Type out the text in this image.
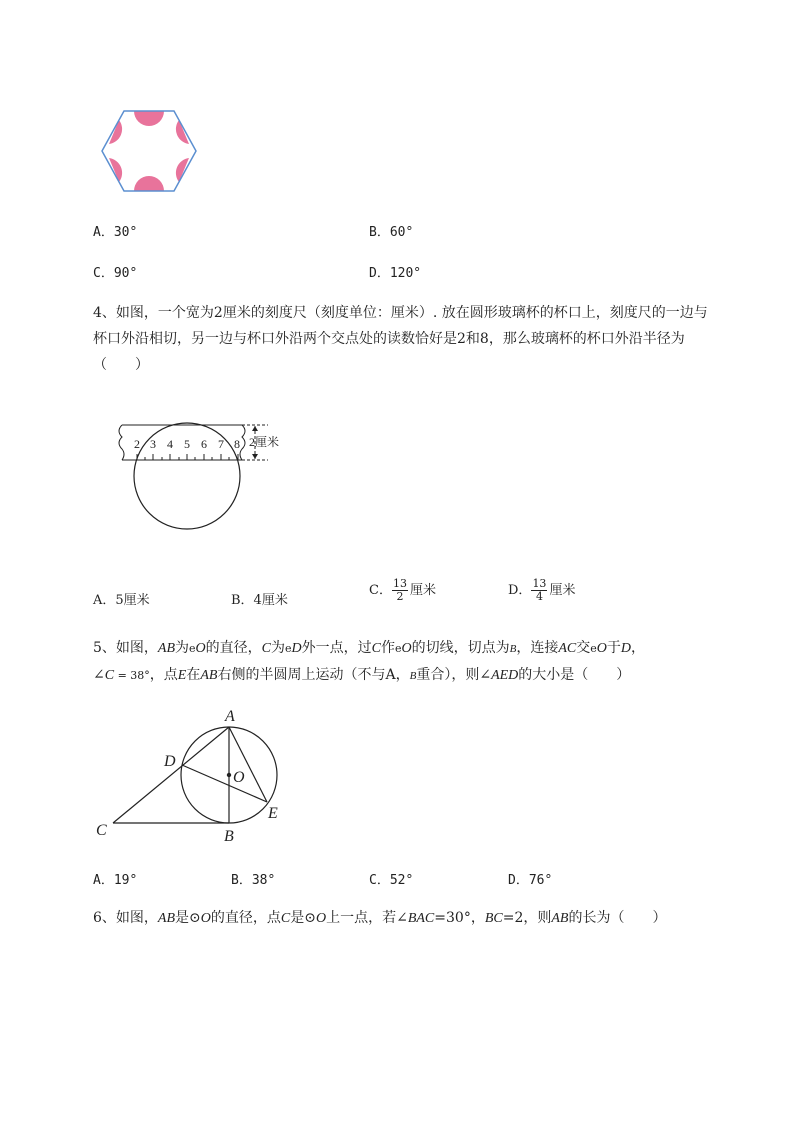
A．30°	B．60°
C．90°	D．120°
4、如图，一个宽为2厘米的刻度尺（刻度单位：厘米）. 放在圆形玻璃杯的杯口上，刻度尺的一边与
杯口外沿相切，另一边与杯口外沿两个交点处的读数恰好是2和8，那么玻璃杯的杯口外沿半径为
（　　）
2 3 4 5 6 7 8 2厘米
A．5厘米	B．4厘米
C． $\frac{13}{2}$ 厘米	D． $\frac{13}{4}$ 厘米
5、如图，AB为eO的直径，C为eD外一点，过C作eO的切线，切点为B，连接AC交eO于D，
∠C = 38°，点E在AB右侧的半圆周上运动（不与A，B重合），则∠AED的大小是（　　）
A
D
O
C	B
E
A．19°	B．38°	C．52°	D．76°
6、如图，AB是⊙O的直径，点C是⊙O上一点，若∠BAC=30°，BC=2，则AB的长为（　　）
